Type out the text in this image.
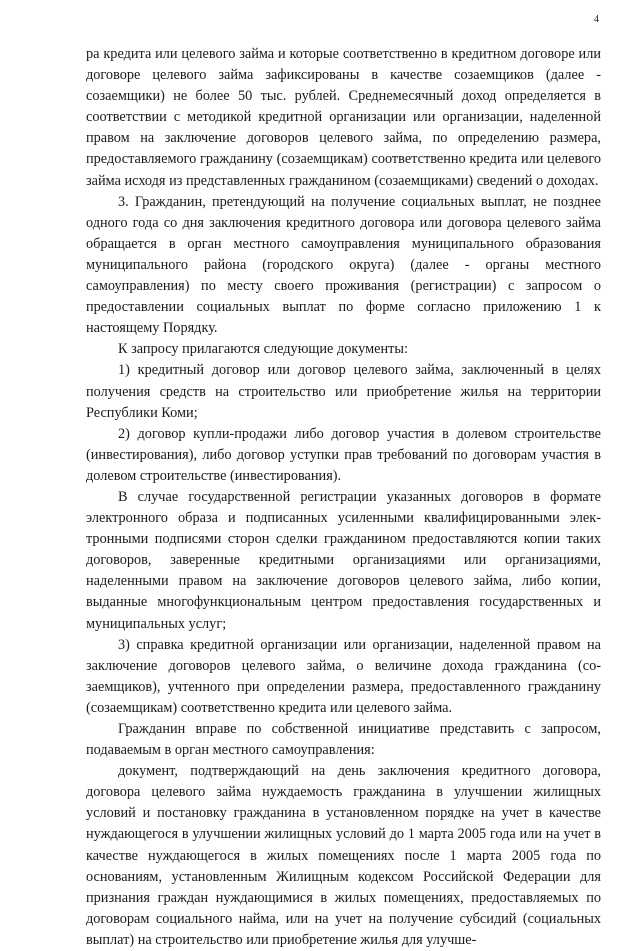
4

ра кредита или целевого займа и которые соответственно в кредитном договоре или договоре целевого займа зафиксированы в качестве созаемщиков (далее - созаемщики) не более 50 тыс. рублей. Среднемесячный доход определяется в соответствии с методикой кредитной организации или организации, наделенной правом на заключение договоров целевого займа, по определению размера, предоставляемого гражданину (созаемщикам) соответственно кредита или целевого займа исходя из представленных гражданином (созаемщиками) сведений о доходах.

3. Гражданин, претендующий на получение социальных выплат, не позднее одного года со дня заключения кредитного договора или договора целевого займа обращается в орган местного самоуправления муниципального образования муниципального района (городского округа) (далее - органы местного самоуправления) по месту своего проживания (регистрации) с запросом о предоставлении социальных выплат по форме согласно приложению 1 к настоящему Порядку.

К запросу прилагаются следующие документы:

1) кредитный договор или договор целевого займа, заключенный в целях получения средств на строительство или приобретение жилья на территории Республики Коми;

2) договор купли-продажи либо договор участия в долевом строительстве (инвестирования), либо договор уступки прав требований по договорам участия в долевом строительстве (инвестирования).

В случае государственной регистрации указанных договоров в формате электронного образа и подписанных усиленными квалифицированными электронными подписями сторон сделки гражданином предоставляются копии таких договоров, заверенные кредитными организациями или организациями, наделенными правом на заключение договоров целевого займа, либо копии, выданные многофункциональным центром предоставления государственных и муниципальных услуг;

3) справка кредитной организации или организации, наделенной правом на заключение договоров целевого займа, о величине дохода гражданина (созаемщиков), учтенного при определении размера, предоставленного гражданину (созаемщикам) соответственно кредита или целевого займа.

Гражданин вправе по собственной инициативе представить с запросом, подаваемым в орган местного самоуправления:

документ, подтверждающий на день заключения кредитного договора, договора целевого займа нуждаемость гражданина в улучшении жилищных условий и постановку гражданина в установленном порядке на учет в качестве нуждающегося в улучшении жилищных условий до 1 марта 2005 года или на учет в качестве нуждающегося в жилых помещениях после 1 марта 2005 года по основаниям, установленным Жилищным кодексом Российской Федерации для признания граждан нуждающимися в жилых помещениях, предоставляемых по договорам социального найма, или на учет на получение субсидий (социальных выплат) на строительство или приобретение жилья для улучше-
